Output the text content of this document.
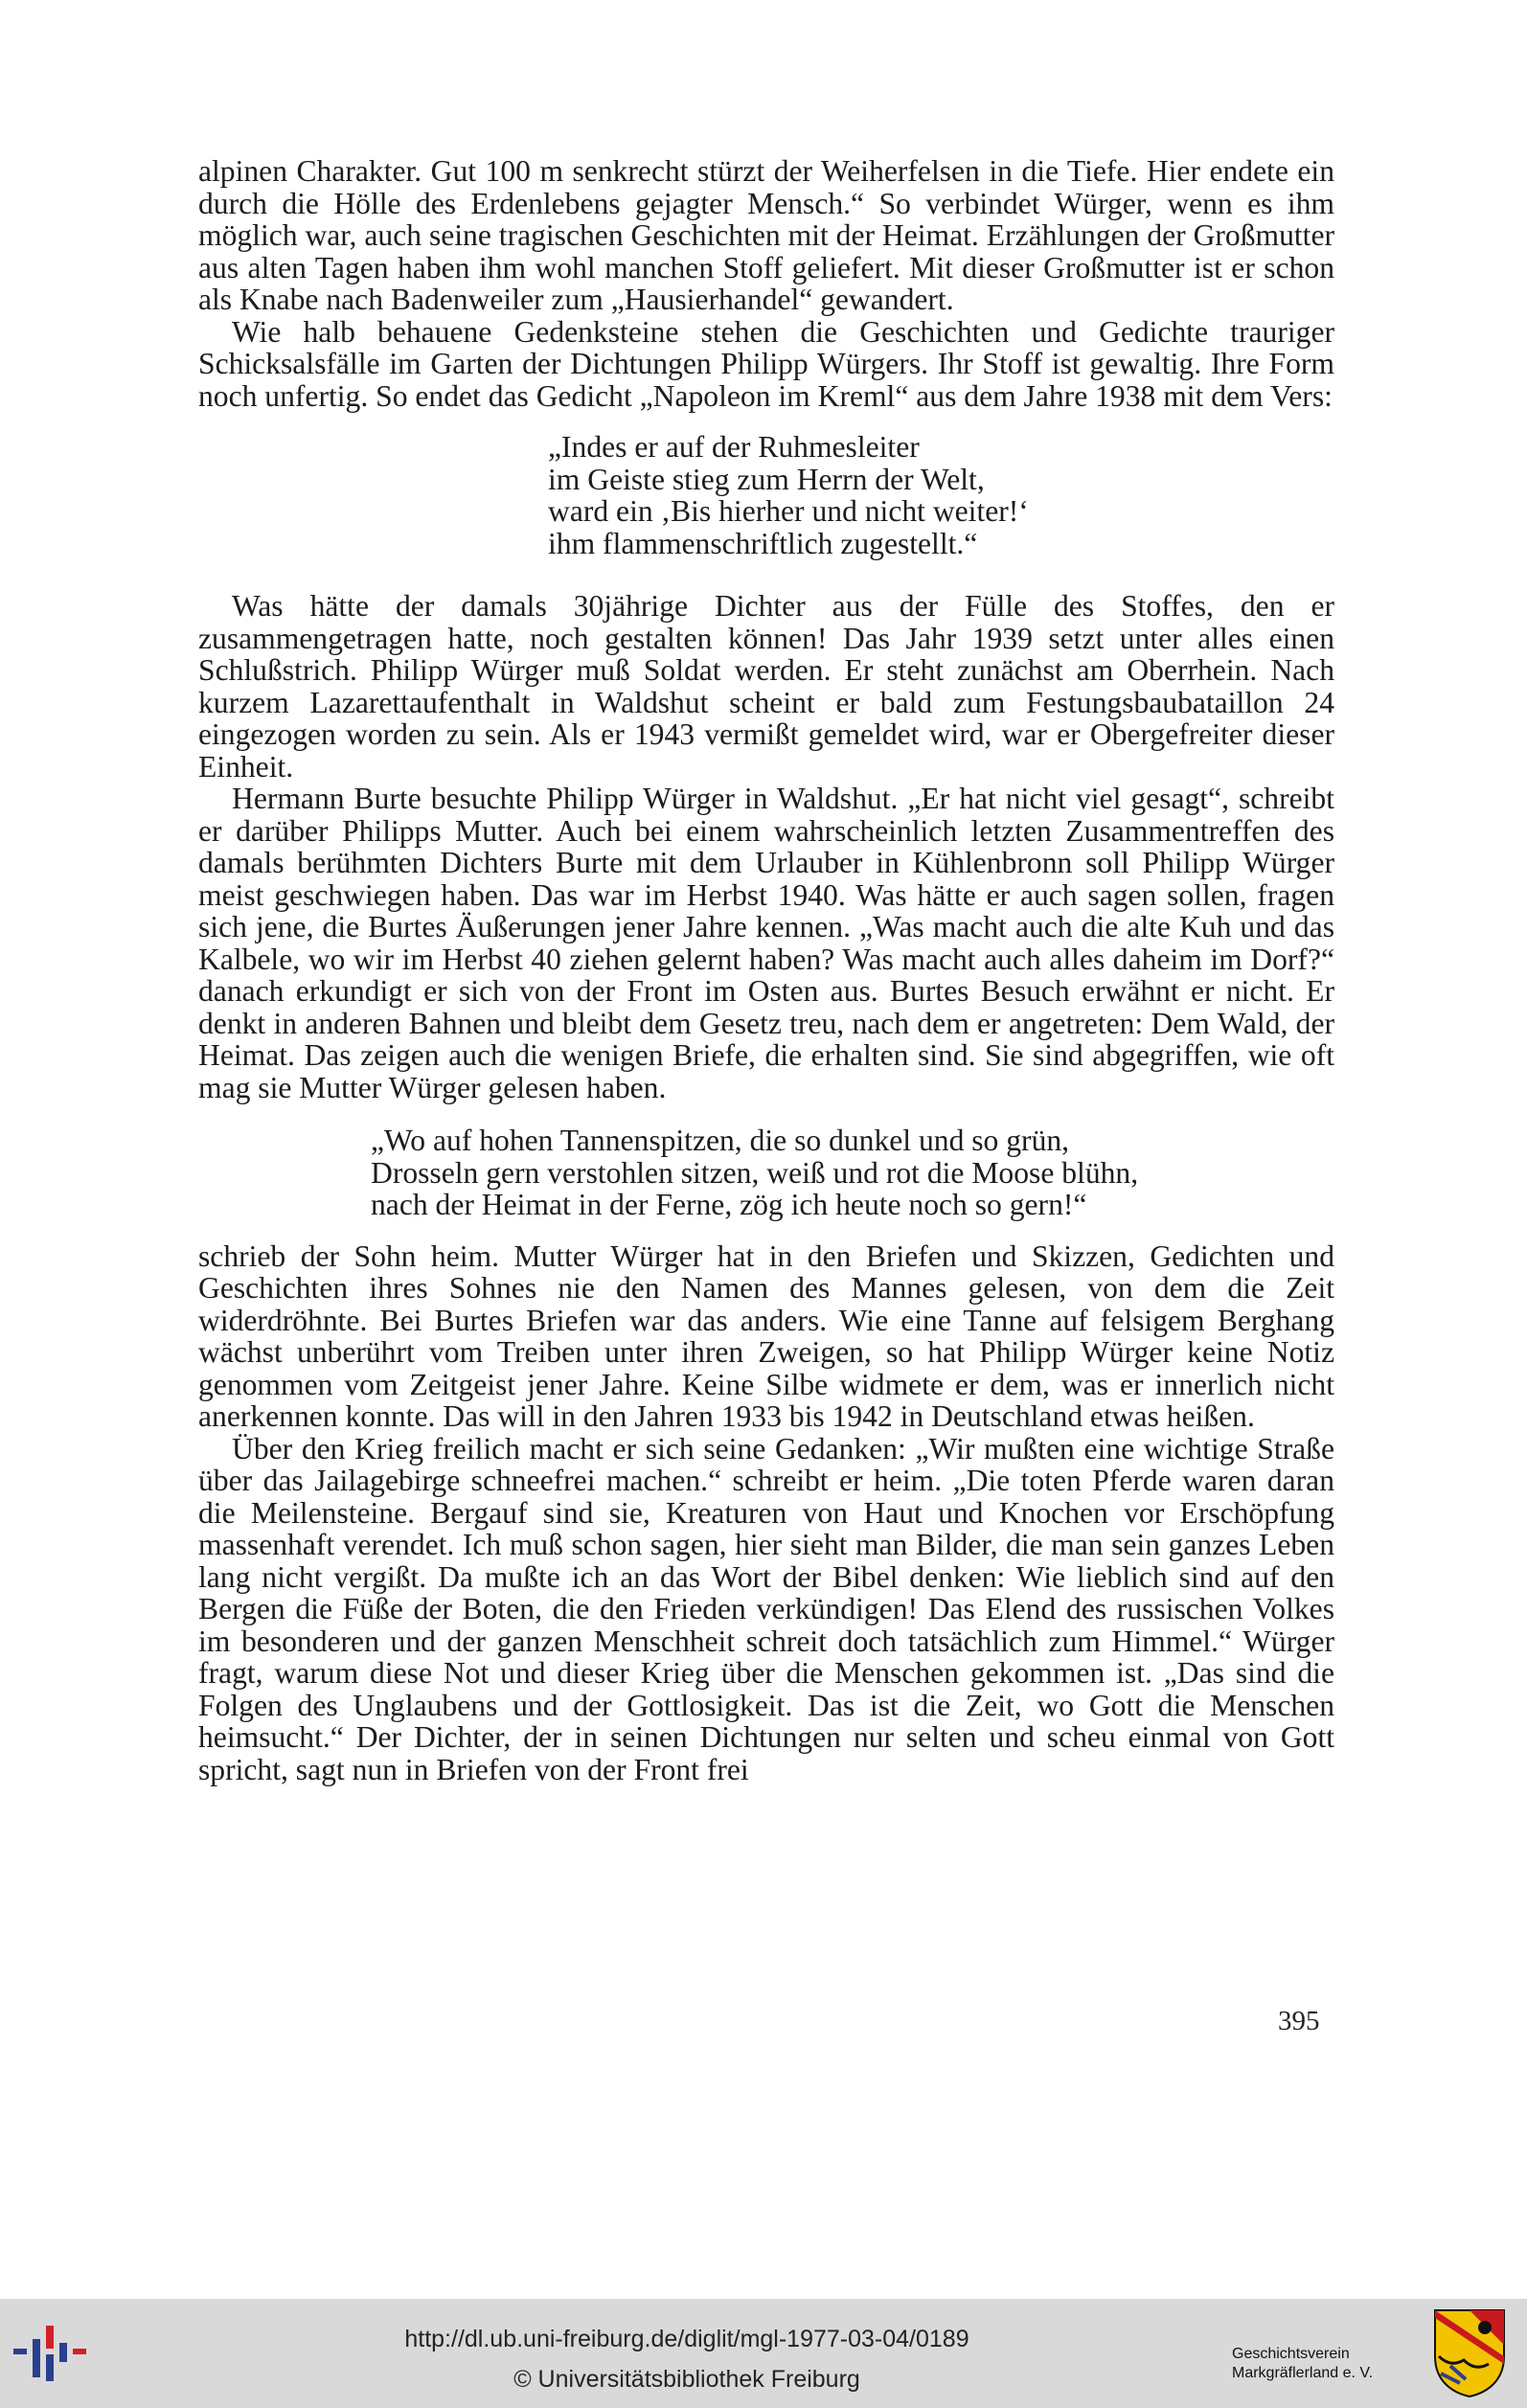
alpinen Charakter. Gut 100 m senkrecht stürzt der Weiherfelsen in die Tiefe. Hier endete ein durch die Hölle des Erdenlebens gejagter Mensch.“ So verbindet Würger, wenn es ihm möglich war, auch seine tragischen Geschichten mit der Heimat. Erzählungen der Großmutter aus alten Tagen haben ihm wohl manchen Stoff geliefert. Mit dieser Großmutter ist er schon als Knabe nach Badenweiler zum „Hausierhandel“ gewandert.

Wie halb behauene Gedenksteine stehen die Geschichten und Gedichte trauriger Schicksalsfälle im Garten der Dichtungen Philipp Würgers. Ihr Stoff ist gewaltig. Ihre Form noch unfertig. So endet das Gedicht „Napoleon im Kreml“ aus dem Jahre 1938 mit dem Vers:

„Indes er auf der Ruhmesleiter
im Geiste stieg zum Herrn der Welt,
ward ein ‚Bis hierher und nicht weiter!‘
ihm flammenschriftlich zugestellt.“

Was hätte der damals 30jährige Dichter aus der Fülle des Stoffes, den er zusammengetragen hatte, noch gestalten können! Das Jahr 1939 setzt unter alles einen Schlußstrich. Philipp Würger muß Soldat werden. Er steht zunächst am Oberrhein. Nach kurzem Lazarettaufenthalt in Waldshut scheint er bald zum Festungsbaubataillon 24 eingezogen worden zu sein. Als er 1943 vermißt gemeldet wird, war er Obergefreiter dieser Einheit.

Hermann Burte besuchte Philipp Würger in Waldshut. „Er hat nicht viel gesagt“, schreibt er darüber Philipps Mutter. Auch bei einem wahrscheinlich letzten Zusammentreffen des damals berühmten Dichters Burte mit dem Urlauber in Kühlenbronn soll Philipp Würger meist geschwiegen haben. Das war im Herbst 1940. Was hätte er auch sagen sollen, fragen sich jene, die Burtes Äußerungen jener Jahre kennen. „Was macht auch die alte Kuh und das Kalbele, wo wir im Herbst 40 ziehen gelernt haben? Was macht auch alles daheim im Dorf?“ danach erkundigt er sich von der Front im Osten aus. Burtes Besuch erwähnt er nicht. Er denkt in anderen Bahnen und bleibt dem Gesetz treu, nach dem er angetreten: Dem Wald, der Heimat. Das zeigen auch die wenigen Briefe, die erhalten sind. Sie sind abgegriffen, wie oft mag sie Mutter Würger gelesen haben.

„Wo auf hohen Tannenspitzen, die so dunkel und so grün,
Drosseln gern verstohlen sitzen, weiß und rot die Moose blühn,
nach der Heimat in der Ferne, zög ich heute noch so gern!“

schrieb der Sohn heim. Mutter Würger hat in den Briefen und Skizzen, Gedichten und Geschichten ihres Sohnes nie den Namen des Mannes gelesen, von dem die Zeit widerdröhnte. Bei Burtes Briefen war das anders. Wie eine Tanne auf felsigem Berghang wächst unberührt vom Treiben unter ihren Zweigen, so hat Philipp Würger keine Notiz genommen vom Zeitgeist jener Jahre. Keine Silbe widmete er dem, was er innerlich nicht anerkennen konnte. Das will in den Jahren 1933 bis 1942 in Deutschland etwas heißen.

Über den Krieg freilich macht er sich seine Gedanken: „Wir mußten eine wichtige Straße über das Jailagebirge schneefrei machen.“ schreibt er heim. „Die toten Pferde waren daran die Meilensteine. Bergauf sind sie, Kreaturen von Haut und Knochen vor Erschöpfung massenhaft verendet. Ich muß schon sagen, hier sieht man Bilder, die man sein ganzes Leben lang nicht vergißt. Da mußte ich an das Wort der Bibel denken: Wie lieblich sind auf den Bergen die Füße der Boten, die den Frieden verkündigen! Das Elend des russischen Volkes im besonderen und der ganzen Menschheit schreit doch tatsächlich zum Himmel.“ Würger fragt, warum diese Not und dieser Krieg über die Menschen gekommen ist. „Das sind die Folgen des Unglaubens und der Gottlosigkeit. Das ist die Zeit, wo Gott die Menschen heimsucht.“ Der Dichter, der in seinen Dichtungen nur selten und scheu einmal von Gott spricht, sagt nun in Briefen von der Front frei

395
http://dl.ub.uni-freiburg.de/diglit/mgl-1977-03-04/0189
© Universitätsbibliothek Freiburg
Geschichtsverein
Markgräflerland e. V.
